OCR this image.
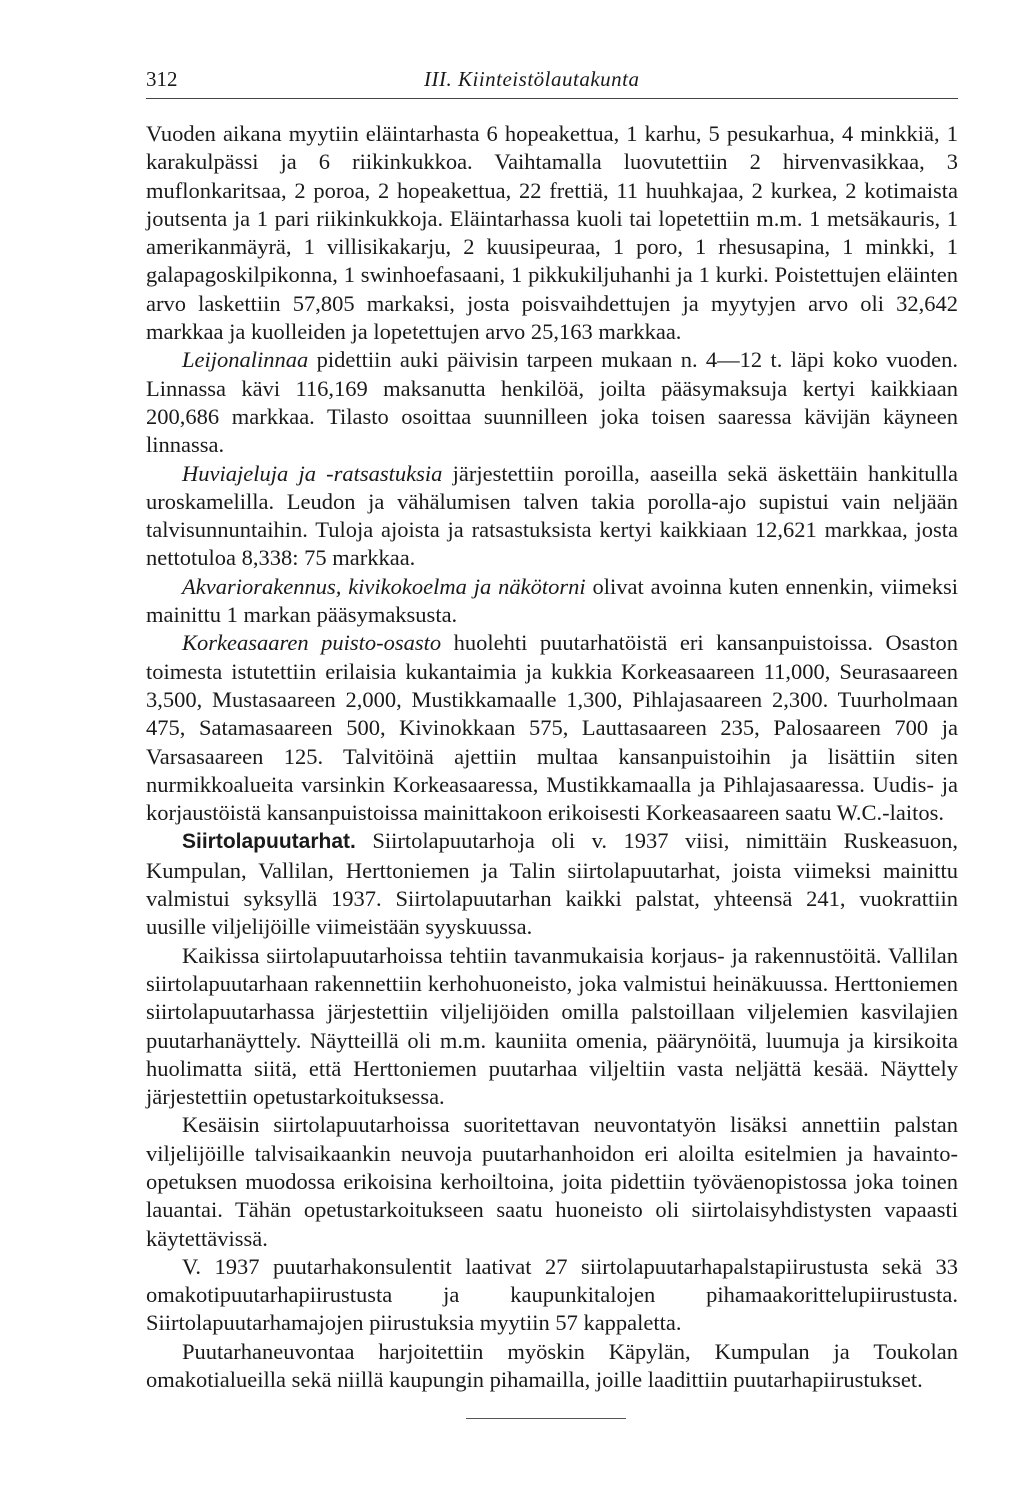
312	III. Kiinteistölautakunta

Vuoden aikana myytiin eläintarhasta 6 hopeakettua, 1 karhu, 5 pesukarhua, 4 minkkiä, 1 karakulpässi ja 6 riikinkukkoa. Vaihtamalla luovutettiin 2 hirvenvasikkaa, 3 muflonkaritsaa, 2 poroa, 2 hopeakettua, 22 frettiä, 11 huuhkajaa, 2 kurkea, 2 kotimaista joutsenta ja 1 pari riikinkukkoja. Eläintarhassa kuoli tai lopetettiin m.m. 1 metsäkauris, 1 amerikanmäyrä, 1 villisikakarju, 2 kuusipeuraa, 1 poro, 1 rhesusapina, 1 minkki, 1 galapagoskilpikonna, 1 swinhoefasaani, 1 pikkukiljuhanhi ja 1 kurki. Poistettujen eläinten arvo laskettiin 57,805 markaksi, josta poisvaihdettujen ja myytyjen arvo oli 32,642 markkaa ja kuolleiden ja lopetettujen arvo 25,163 markkaa.

Leijonalinnaa pidettiin auki päivisin tarpeen mukaan n. 4—12 t. läpi koko vuoden. Linnassa kävi 116,169 maksanutta henkilöä, joilta pääsymaksuja kertyi kaikkiaan 200,686 markkaa. Tilasto osoittaa suunnilleen joka toisen saaressa kävijän käyneen linnassa.

Huviajeluja ja -ratsastuksia järjestettiin poroilla, aaseilla sekä äskettäin hankitulla uroskamelilla. Leudon ja vähälumisen talven takia porolla-ajo supistui vain neljään talvisunnuntaihin. Tuloja ajoista ja ratsastuksista kertyi kaikkiaan 12,621 markkaa, josta nettotuloa 8,338: 75 markkaa.

Akvariorakennus, kivikokoelma ja näkötorni olivat avoinna kuten ennenkin, viimeksi mainittu 1 markan pääsymaksusta.

Korkeasaaren puisto-osasto huolehti puutarhatöistä eri kansanpuistoissa. Osaston toimesta istutettiin erilaisia kukantaimia ja kukkia Korkeasaareen 11,000, Seurasaareen 3,500, Mustasaareen 2,000, Mustikkamaalle 1,300, Pihlajasaareen 2,300. Tuurholmaan 475, Satamasaareen 500, Kivinokkaan 575, Lauttasaareen 235, Palosaareen 700 ja Varsasaareen 125. Talvitöinä ajettiin multaa kansanpuistoihin ja lisättiin siten nurmikkoalueita varsinkin Korkeasaaressa, Mustikkamaalla ja Pihlajasaaressa. Uudis- ja korjaustöistä kansanpuistoissa mainittakoon erikoisesti Korkeasaareen saatu W.C.-laitos.

Siirtolapuutarhat. Siirtolapuutarhoja oli v. 1937 viisi, nimittäin Ruskeasuon, Kumpulan, Vallilan, Herttoniemen ja Talin siirtolapuutarhat, joista viimeksi mainittu valmistui syksyllä 1937. Siirtolapuutarhan kaikki palstat, yhteensä 241, vuokrattiin uusille viljelijöille viimeistään syyskuussa.

Kaikissa siirtolapuutarhoissa tehtiin tavanmukaisia korjaus- ja rakennustöitä. Vallilan siirtolapuutarhaan rakennettiin kerhohuoneisto, joka valmistui heinäkuussa. Herttoniemen siirtolapuutarhassa järjestettiin viljelijöiden omilla palstoillaan viljelemien kasvilajien puutarhanäyttely. Näytteillä oli m.m. kauniita omenia, päärynöitä, luumuja ja kirsikoita huolimatta siitä, että Herttoniemen puutarhaa viljeltiin vasta neljättä kesää. Näyttely järjestettiin opetustarkoituksessa.

Kesäisin siirtolapuutarhoissa suoritettavan neuvontatyön lisäksi annettiin palstan viljelijöille talvisaikaankin neuvoja puutarhanhoidon eri aloilta esitelmien ja havainto-opetuksen muodossa erikoisina kerhoiltoina, joita pidettiin työväenopistossa joka toinen lauantai. Tähän opetustarkoitukseen saatu huoneisto oli siirtolaisyhdistysten vapaasti käytettävissä.

V. 1937 puutarhakonsulentit laativat 27 siirtolapuutarhapalstapiirustusta sekä 33 omakotipuutarhapiirustusta ja kaupunkitalojen pihamaakorittelupiirustusta. Siirtolapuutarhamajojen piirustuksia myytiin 57 kappaletta.

Puutarhaneuvontaa harjoitettiin myöskin Käpylän, Kumpulan ja Toukolan omakotialueilla sekä niillä kaupungin pihamailla, joille laadittiin puutarhapiirustukset.
